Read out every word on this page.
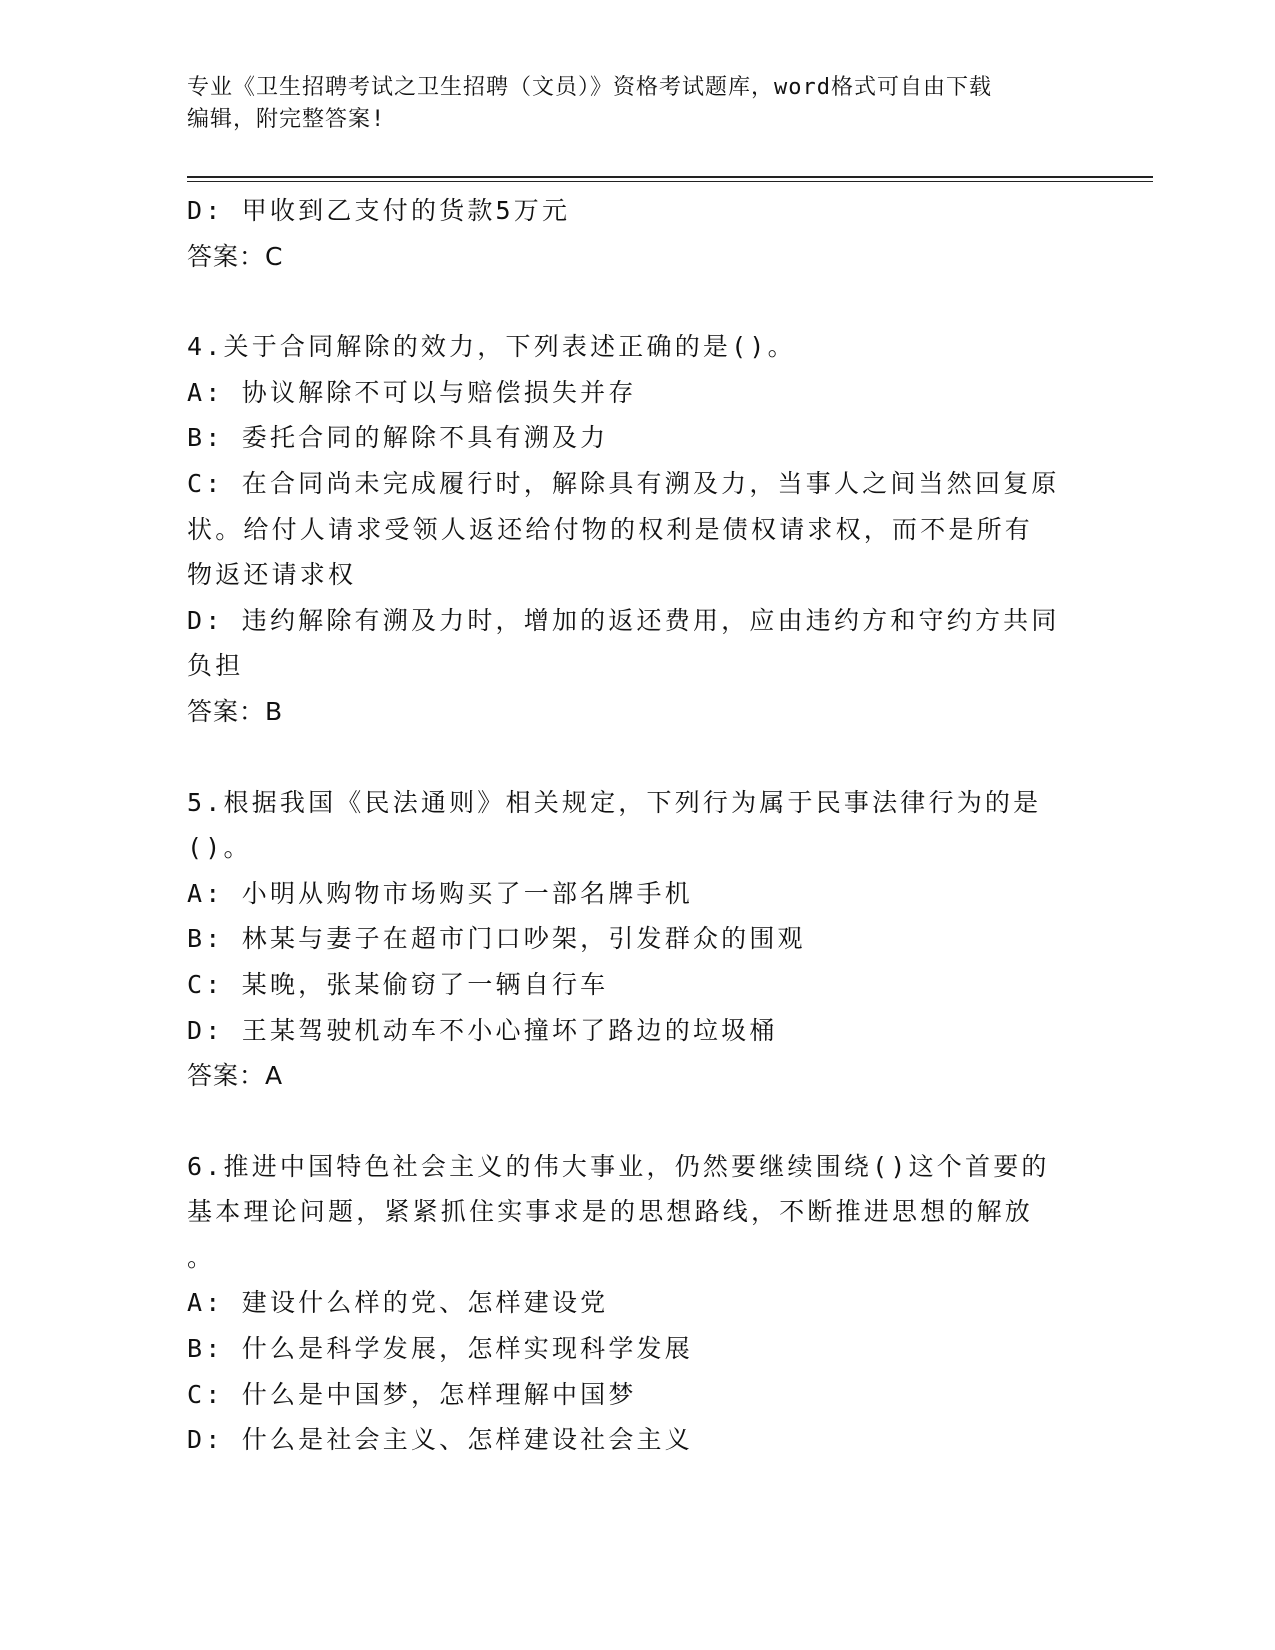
专业《卫生招聘考试之卫生招聘（文员）》资格考试题库，word格式可自由下载
编辑，附完整答案!
D: 甲收到乙支付的货款5万元
答案：C
4.关于合同解除的效力，下列表述正确的是()。
A: 协议解除不可以与赔偿损失并存
B: 委托合同的解除不具有溯及力
C: 在合同尚未完成履行时，解除具有溯及力，当事人之间当然回复原
状。给付人请求受领人返还给付物的权利是债权请求权，而不是所有
物返还请求权
D: 违约解除有溯及力时，增加的返还费用，应由违约方和守约方共同
负担
答案：B
5.根据我国《民法通则》相关规定，下列行为属于民事法律行为的是
()。
A: 小明从购物市场购买了一部名牌手机
B: 林某与妻子在超市门口吵架，引发群众的围观
C: 某晚，张某偷窃了一辆自行车
D: 王某驾驶机动车不小心撞坏了路边的垃圾桶
答案：A
6.推进中国特色社会主义的伟大事业，仍然要继续围绕()这个首要的
基本理论问题，紧紧抓住实事求是的思想路线，不断推进思想的解放
。
A: 建设什么样的党、怎样建设党
B: 什么是科学发展，怎样实现科学发展
C: 什么是中国梦，怎样理解中国梦
D: 什么是社会主义、怎样建设社会主义
